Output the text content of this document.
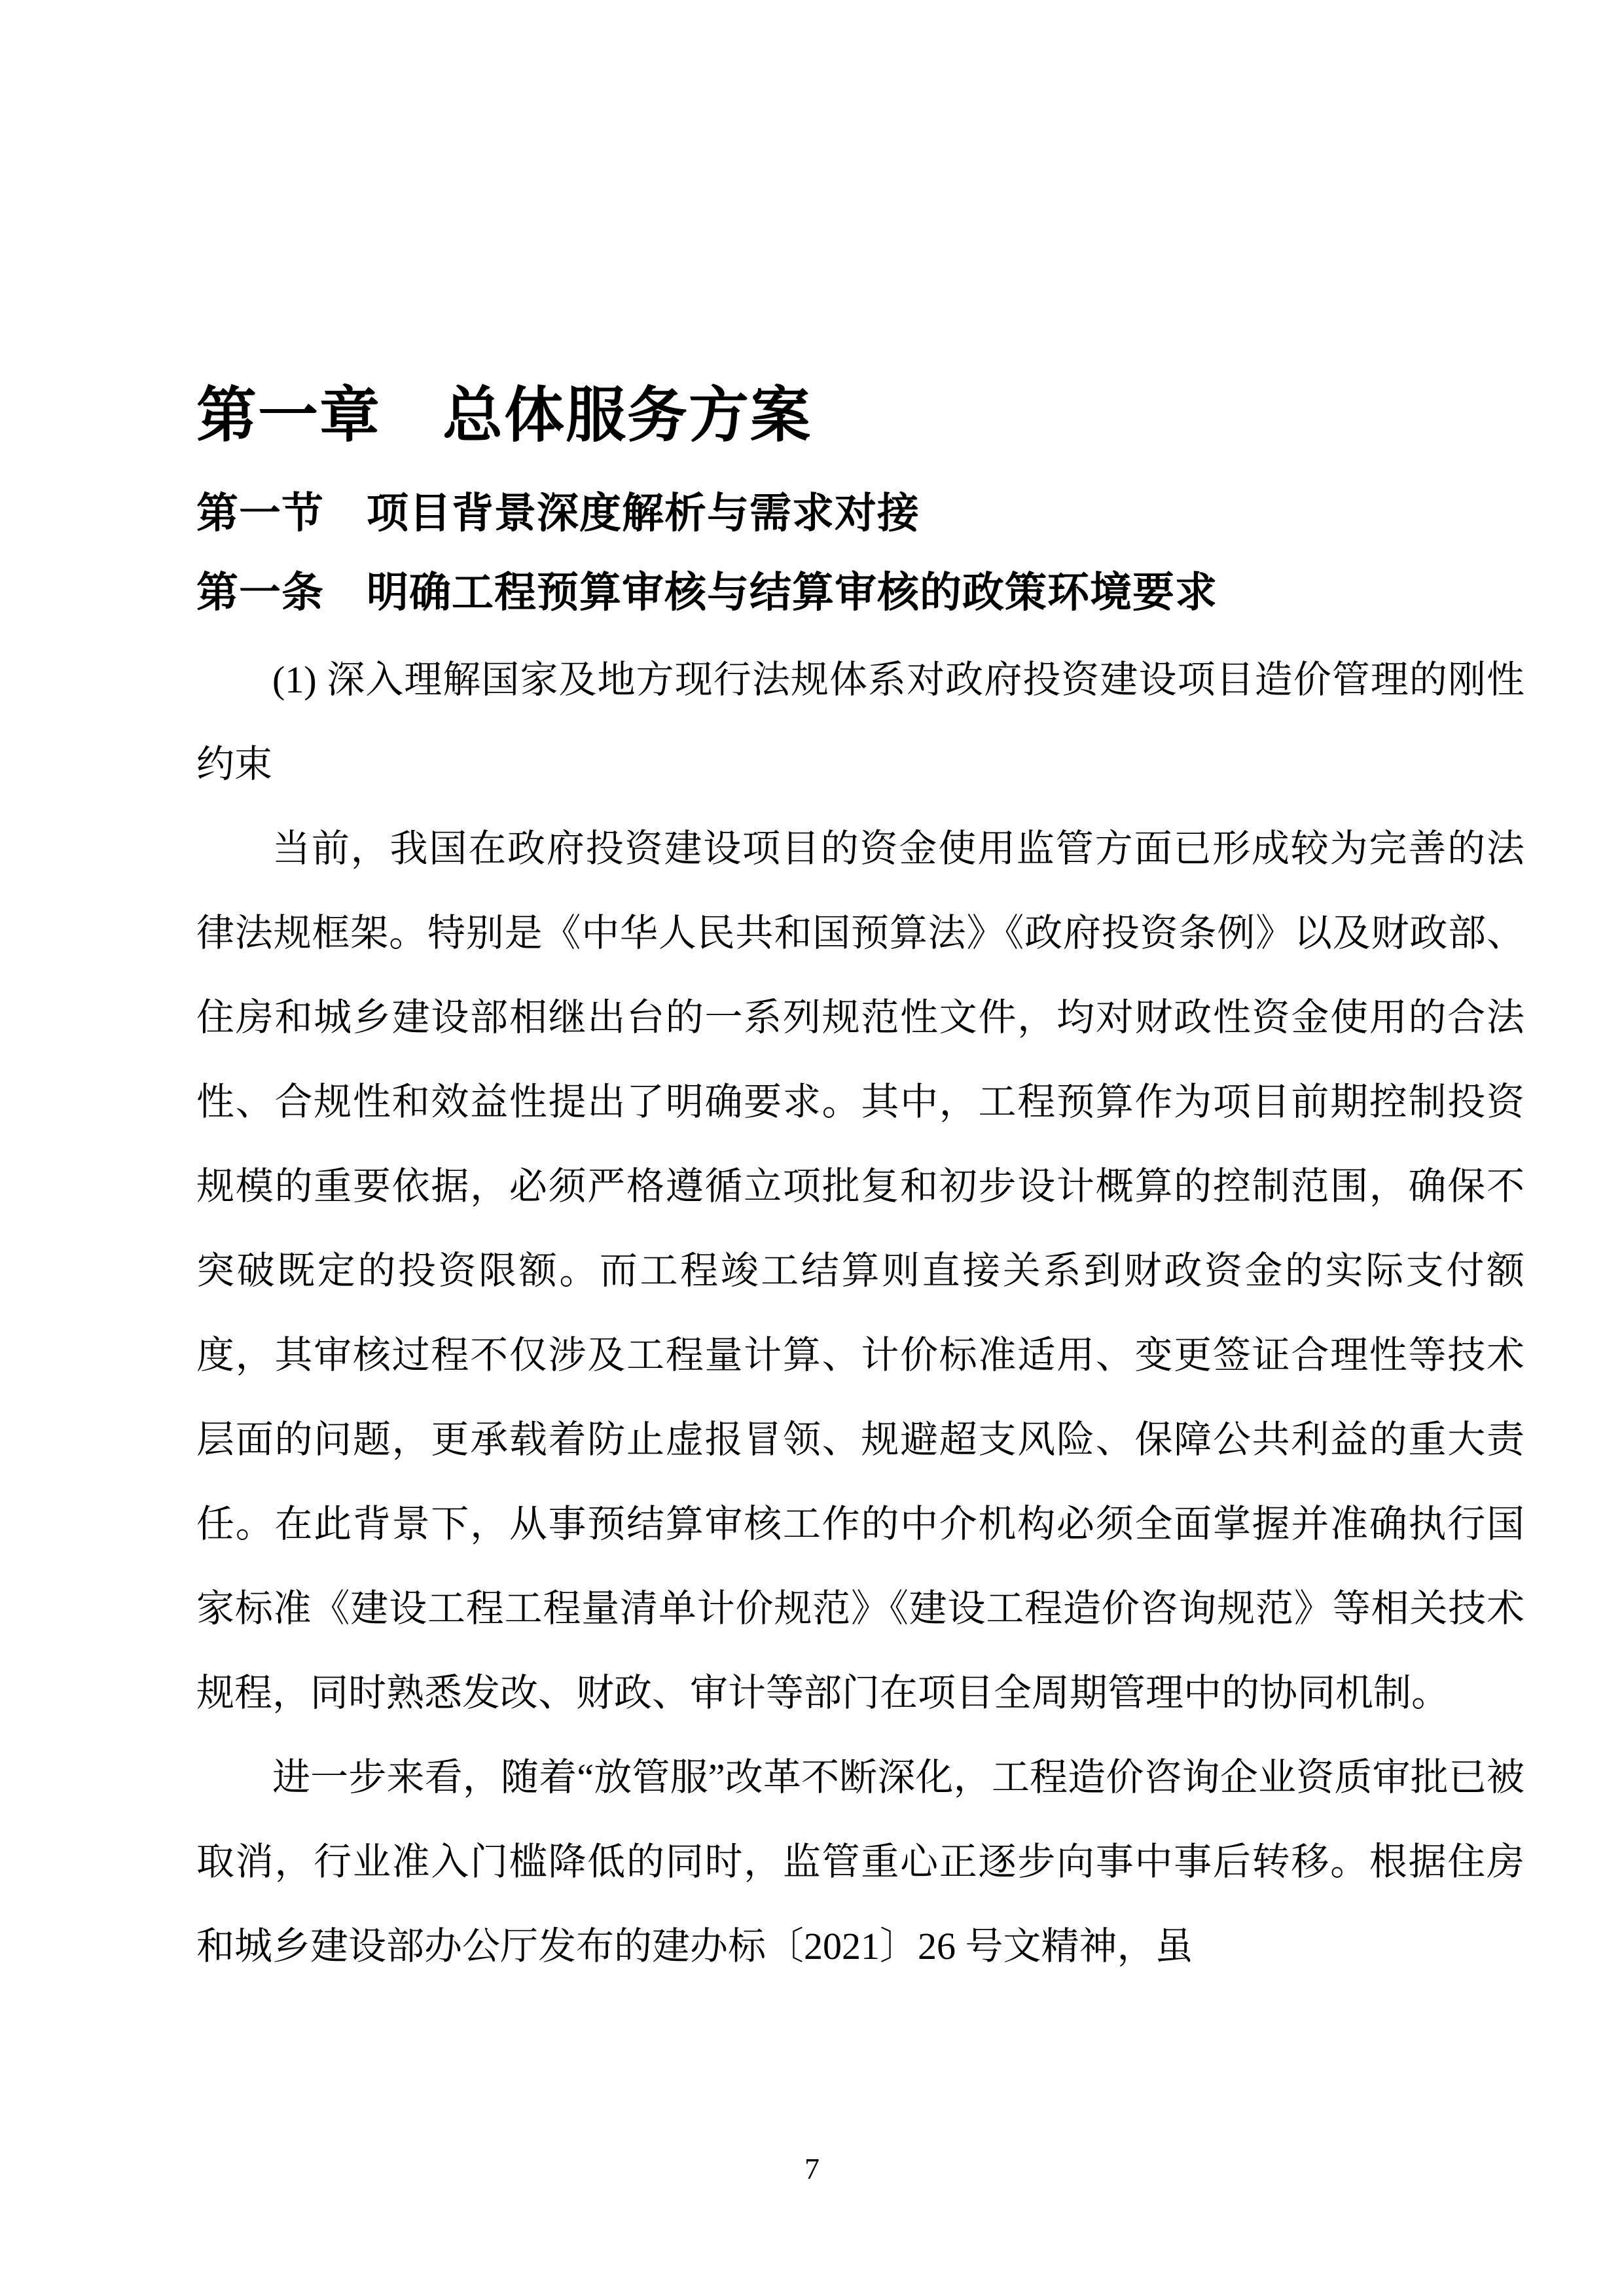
第一章　总体服务方案
第一节　项目背景深度解析与需求对接
第一条　明确工程预算审核与结算审核的政策环境要求

(1) 深入理解国家及地方现行法规体系对政府投资建设项目造价管理的刚性约束

当前，我国在政府投资建设项目的资金使用监管方面已形成较为完善的法律法规框架。特别是《中华人民共和国预算法》《政府投资条例》以及财政部、住房和城乡建设部相继出台的一系列规范性文件，均对财政性资金使用的合法性、合规性和效益性提出了明确要求。其中，工程预算作为项目前期控制投资规模的重要依据，必须严格遵循立项批复和初步设计概算的控制范围，确保不突破既定的投资限额。而工程竣工结算则直接关系到财政资金的实际支付额度，其审核过程不仅涉及工程量计算、计价标准适用、变更签证合理性等技术层面的问题，更承载着防止虚报冒领、规避超支风险、保障公共利益的重大责任。在此背景下，从事预结算审核工作的中介机构必须全面掌握并准确执行国家标准《建设工程工程量清单计价规范》《建设工程造价咨询规范》等相关技术规程，同时熟悉发改、财政、审计等部门在项目全周期管理中的协同机制。

进一步来看，随着“放管服”改革不断深化，工程造价咨询企业资质审批已被取消，行业准入门槛降低的同时，监管重心正逐步向事中事后转移。根据住房和城乡建设部办公厅发布的建办标〔2021〕26 号文精神，虽

7
